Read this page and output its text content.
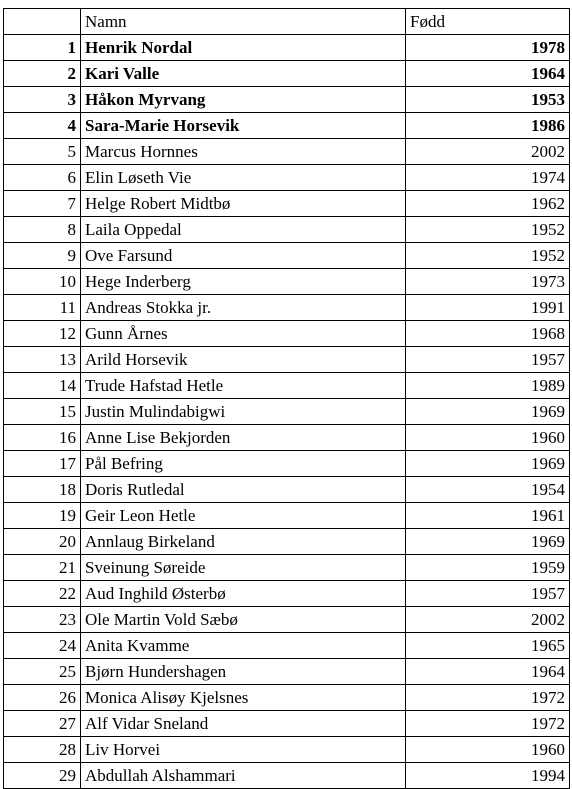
	Namn	Fødd
1	Henrik Nordal	1978
2	Kari Valle	1964
3	Håkon Myrvang	1953
4	Sara-Marie Horsevik	1986
5	Marcus Hornnes	2002
6	Elin Løseth Vie	1974
7	Helge Robert Midtbø	1962
8	Laila Oppedal	1952
9	Ove Farsund	1952
10	Hege Inderberg	1973
11	Andreas Stokka jr.	1991
12	Gunn Årnes	1968
13	Arild Horsevik	1957
14	Trude Hafstad Hetle	1989
15	Justin Mulindabigwi	1969
16	Anne Lise Bekjorden	1960
17	Pål Befring	1969
18	Doris Rutledal	1954
19	Geir Leon Hetle	1961
20	Annlaug Birkeland	1969
21	Sveinung Søreide	1959
22	Aud Inghild Østerbø	1957
23	Ole Martin Vold Sæbø	2002
24	Anita Kvamme	1965
25	Bjørn Hundershagen	1964
26	Monica Alisøy Kjelsnes	1972
27	Alf Vidar Sneland	1972
28	Liv Horvei	1960
29	Abdullah Alshammari	1994
